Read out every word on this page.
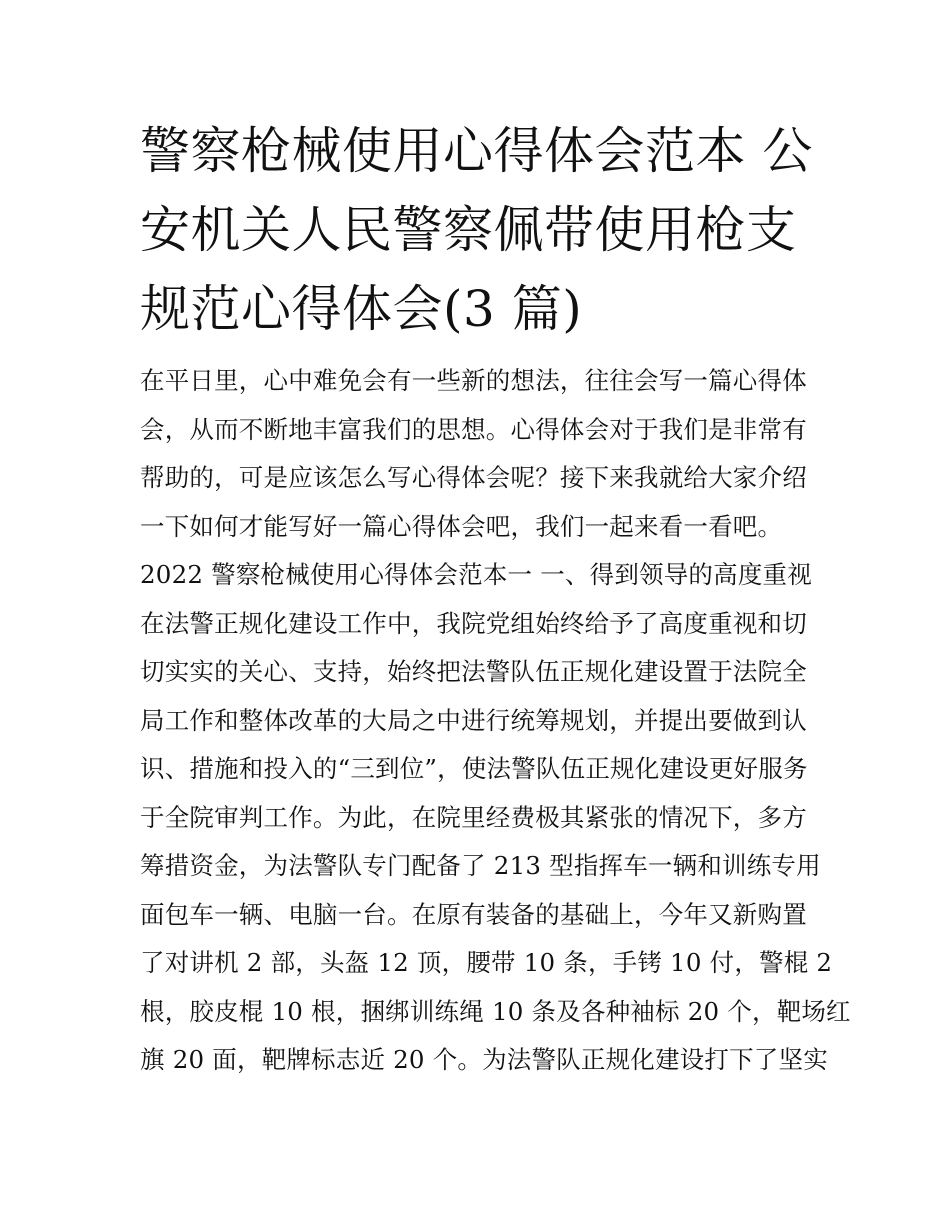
警察枪械使用心得体会范本 公
安机关人民警察佩带使用枪支
规范心得体会(3 篇)
在平日里，心中难免会有一些新的想法，往往会写一篇心得体
会，从而不断地丰富我们的思想。心得体会对于我们是非常有
帮助的，可是应该怎么写心得体会呢？接下来我就给大家介绍
一下如何才能写好一篇心得体会吧，我们一起来看一看吧。
2022 警察枪械使用心得体会范本一 一、得到领导的高度重视
在法警正规化建设工作中，我院党组始终给予了高度重视和切
切实实的关心、支持，始终把法警队伍正规化建设置于法院全
局工作和整体改革的大局之中进行统筹规划，并提出要做到认
识、措施和投入的“三到位”，使法警队伍正规化建设更好服务
于全院审判工作。为此，在院里经费极其紧张的情况下，多方
筹措资金，为法警队专门配备了 213 型指挥车一辆和训练专用
面包车一辆、电脑一台。在原有装备的基础上，今年又新购置
了对讲机 2 部，头盔 12 顶，腰带 10 条，手铐 10 付，警棍 2
根，胶皮棍 10 根，捆绑训练绳 10 条及各种袖标 20 个，靶场红
旗 20 面，靶牌标志近 20 个。为法警队正规化建设打下了坚实
